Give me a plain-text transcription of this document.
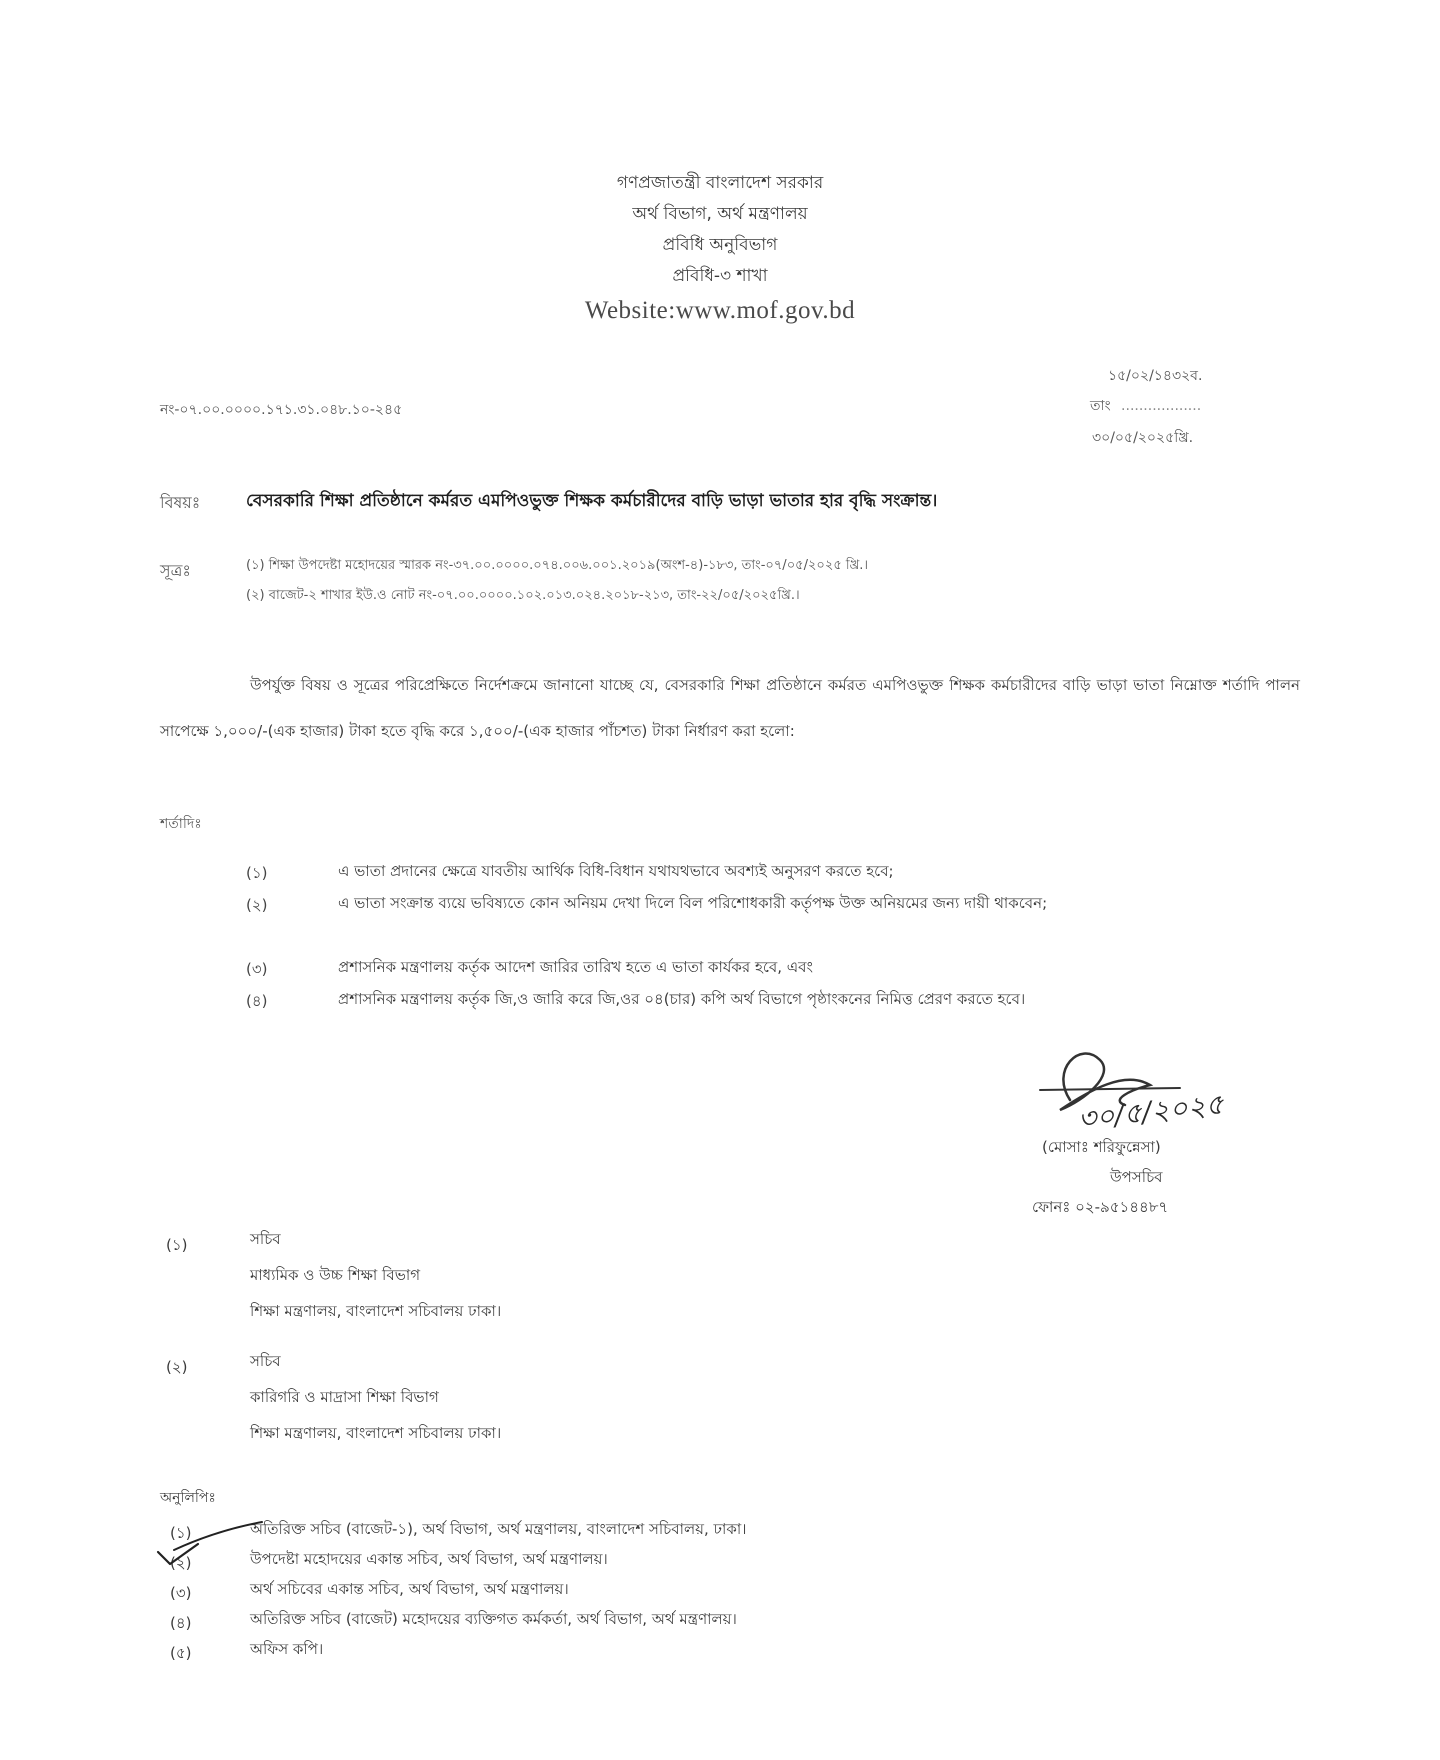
গণপ্রজাতন্ত্রী বাংলাদেশ সরকার
অর্থ বিভাগ, অর্থ মন্ত্রণালয়
প্রবিধি অনুবিভাগ
প্রবিধি-৩ শাখা
Website:www.mof.gov.bd
নং-০৭.০০.০০০০.১৭১.৩১.০৪৮.১০-২৪৫
১৫/০২/১৪৩২ব.
তাং ..................
৩০/০৫/২০২৫খ্রি.
বিষয়ঃ	বেসরকারি শিক্ষা প্রতিষ্ঠানে কর্মরত এমপিওভুক্ত শিক্ষক কর্মচারীদের বাড়ি ভাড়া ভাতার হার বৃদ্ধি সংক্রান্ত।
সূত্রঃ	(১) শিক্ষা উপদেষ্টা মহোদয়ের স্মারক নং-৩৭.০০.০০০০.০৭৪.০০৬.০০১.২০১৯(অংশ-৪)-১৮৩, তাং-০৭/০৫/২০২৫ খ্রি.।
(২) বাজেট-২ শাখার ইউ.ও নোট নং-০৭.০০.০০০০.১০২.০১৩.০২৪.২০১৮-২১৩, তাং-২২/০৫/২০২৫খ্রি.।

উপর্যুক্ত বিষয় ও সূত্রের পরিপ্রেক্ষিতে নির্দেশক্রমে জানানো যাচ্ছে যে, বেসরকারি শিক্ষা প্রতিষ্ঠানে কর্মরত এমপিওভুক্ত শিক্ষক কর্মচারীদের বাড়ি ভাড়া ভাতা নিম্নোক্ত শর্তাদি পালন সাপেক্ষে ১,০০০/-(এক হাজার) টাকা হতে বৃদ্ধি করে ১,৫০০/-(এক হাজার পাঁচশত) টাকা নির্ধারণ করা হলো:

শর্তাদিঃ
(১)	এ ভাতা প্রদানের ক্ষেত্রে যাবতীয় আর্থিক বিধি-বিধান যথাযথভাবে অবশ্যই অনুসরণ করতে হবে;
(২)	এ ভাতা সংক্রান্ত ব্যয়ে ভবিষ্যতে কোন অনিয়ম দেখা দিলে বিল পরিশোধকারী কর্তৃপক্ষ উক্ত অনিয়মের জন্য দায়ী থাকবেন;
(৩)	প্রশাসনিক মন্ত্রণালয় কর্তৃক আদেশ জারির তারিখ হতে এ ভাতা কার্যকর হবে, এবং
(৪)	প্রশাসনিক মন্ত্রণালয় কর্তৃক জি,ও জারি করে জি,ওর ০৪(চার) কপি অর্থ বিভাগে পৃষ্ঠাংকনের নিমিত্ত প্রেরণ করতে হবে।
৩০/৫/২০২৫
(মোসাঃ শরিফুন্নেসা)
উপসচিব
ফোনঃ ০২-৯৫১৪৪৮৭
(১)	সচিব
মাধ্যমিক ও উচ্চ শিক্ষা বিভাগ
শিক্ষা মন্ত্রণালয়, বাংলাদেশ সচিবালয় ঢাকা।
(২)	সচিব
কারিগরি ও মাদ্রাসা শিক্ষা বিভাগ
শিক্ষা মন্ত্রণালয়, বাংলাদেশ সচিবালয় ঢাকা।
অনুলিপিঃ
(১)	অতিরিক্ত সচিব (বাজেট-১), অর্থ বিভাগ, অর্থ মন্ত্রণালয়, বাংলাদেশ সচিবালয়, ঢাকা।
(২)	উপদেষ্টা মহোদয়ের একান্ত সচিব, অর্থ বিভাগ, অর্থ মন্ত্রণালয়।
(৩)	অর্থ সচিবের একান্ত সচিব, অর্থ বিভাগ, অর্থ মন্ত্রণালয়।
(৪)	অতিরিক্ত সচিব (বাজেট) মহোদয়ের ব্যক্তিগত কর্মকর্তা, অর্থ বিভাগ, অর্থ মন্ত্রণালয়।
(৫)	অফিস কপি।
